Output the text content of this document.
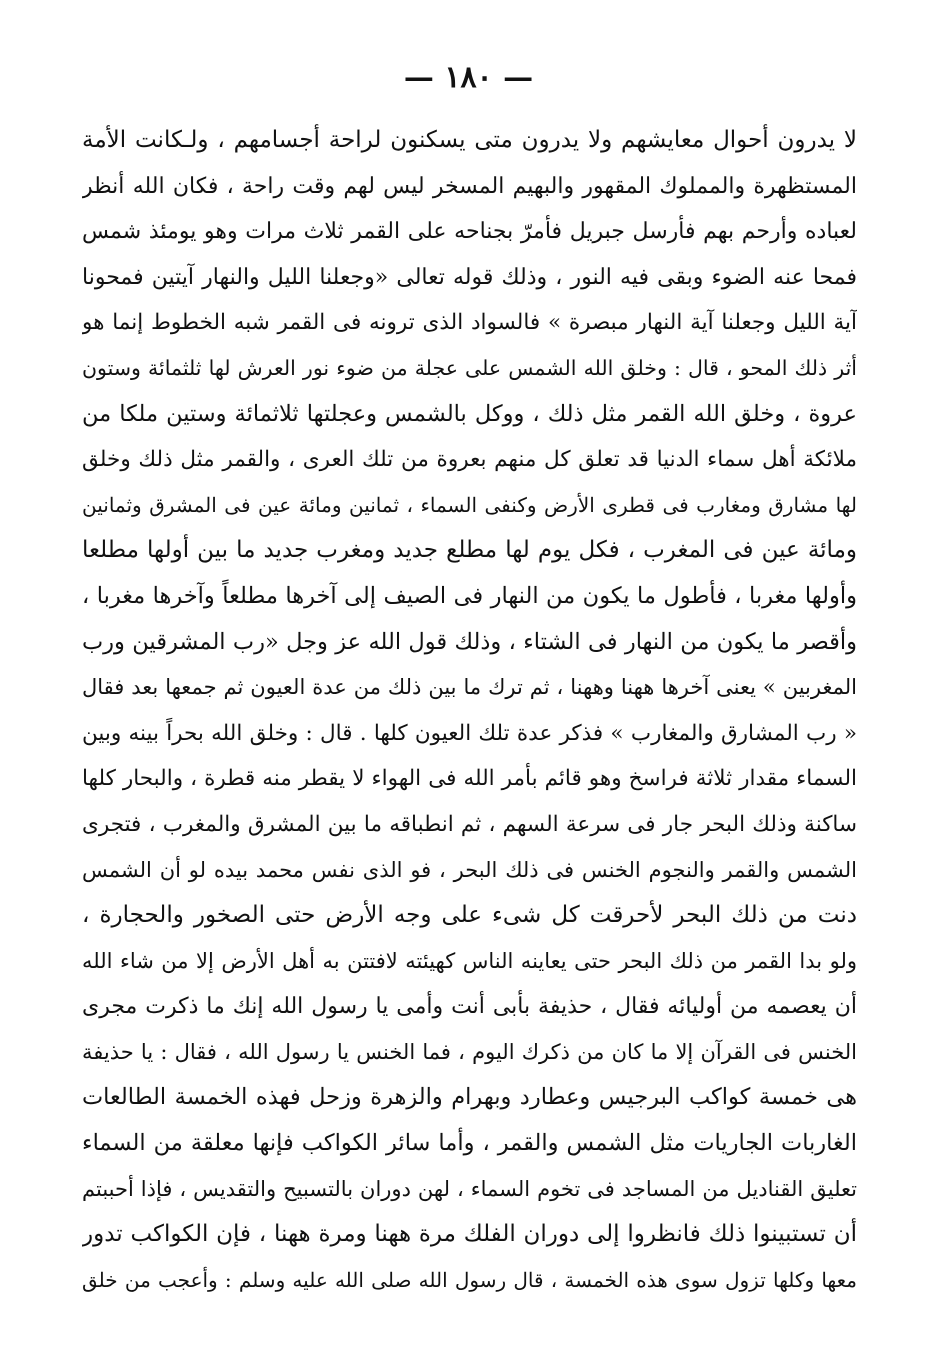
— ١٨٠ —
لا يدرون أحوال معايشهم ولا يدرون متى يسكنون لراحة أجسامهم ، ولـكانت الأمة
المستظهرة والمملوك المقهور والبهيم المسخر ليس لهم وقت راحة ، فكان الله أنظر
لعباده وأرحم بهم فأرسل جبريل فأمرّ بجناحه على القمر ثلاث مرات وهو يومئذ شمس
فمحا عنه الضوء وبقى فيه النور ، وذلك قوله تعالى «وجعلنا الليل والنهار آيتين فمحونا
آية الليل وجعلنا آية النهار مبصرة » فالسواد الذى ترونه فى القمر شبه الخطوط إنما هو
أثر ذلك المحو ، قال : وخلق الله الشمس على عجلة من ضوء نور العرش لها ثلثمائة وستون
عروة ، وخلق الله القمر مثل ذلك ، ووكل بالشمس وعجلتها ثلاثمائة وستين ملكا من
ملائكة أهل سماء الدنيا قد تعلق كل منهم بعروة من تلك العرى ، والقمر مثل ذلك وخلق
لها مشارق ومغارب فى قطرى الأرض وكنفى السماء ، ثمانين ومائة عين فى المشرق وثمانين
ومائة عين فى المغرب ، فكل يوم لها مطلع جديد ومغرب جديد ما بين أولها مطلعا
وأولها مغربا ، فأطول ما يكون من النهار فى الصيف إلى آخرها مطلعاً وآخرها مغربا ،
وأقصر ما يكون من النهار فى الشتاء ، وذلك قول الله عز وجل «رب المشرقين ورب
المغربين » يعنى آخرها ههنا وههنا ، ثم ترك ما بين ذلك من عدة العيون ثم جمعها بعد فقال
« رب المشارق والمغارب » فذكر عدة تلك العيون كلها . قال : وخلق الله بحراً بينه وبين
السماء مقدار ثلاثة فراسخ وهو قائم بأمر الله فى الهواء لا يقطر منه قطرة ، والبحار كلها
ساكنة وذلك البحر جار فى سرعة السهم ، ثم انطباقه ما بين المشرق والمغرب ، فتجرى
الشمس والقمر والنجوم الخنس فى ذلك البحر ، فو الذى نفس محمد بيده لو أن الشمس
دنت من ذلك البحر لأحرقت كل شىء على وجه الأرض حتى الصخور والحجارة ،
ولو بدا القمر من ذلك البحر حتى يعاينه الناس كهيئته لافتتن به أهل الأرض إلا من شاء الله
أن يعصمه من أوليائه فقال ، حذيفة بأبى أنت وأمى يا رسول الله إنك ما ذكرت مجرى
الخنس فى القرآن إلا ما كان من ذكرك اليوم ، فما الخنس يا رسول الله ، فقال : يا حذيفة
هى خمسة كواكب البرجيس وعطارد وبهرام والزهرة وزحل فهذه الخمسة الطالعات
الغاربات الجاريات مثل الشمس والقمر ، وأما سائر الكواكب فإنها معلقة من السماء
تعليق القناديل من المساجد فى تخوم السماء ، لهن دوران بالتسبيح والتقديس ، فإذا أحببتم
أن تستبينوا ذلك فانظروا إلى دوران الفلك مرة ههنا ومرة ههنا ، فإن الكواكب تدور
معها وكلها تزول سوى هذه الخمسة ، قال رسول الله صلى الله عليه وسلم : وأعجب من خلق
